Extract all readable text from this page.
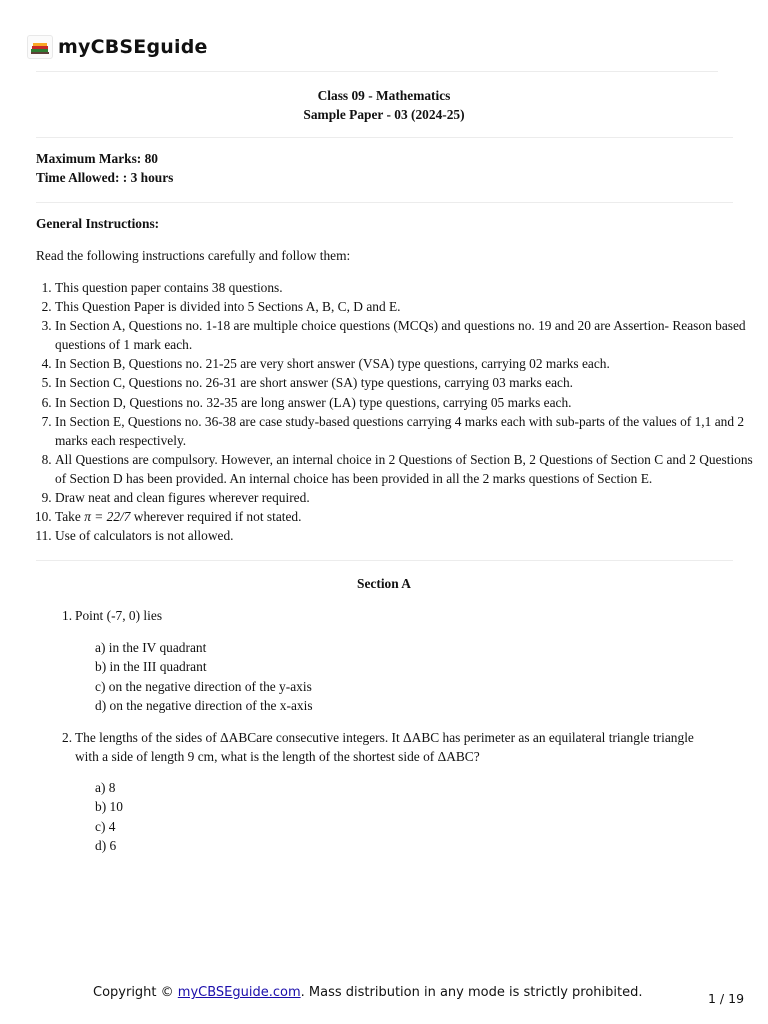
myCBSEguide
Class 09 - Mathematics
Sample Paper - 03 (2024-25)
Maximum Marks: 80
Time Allowed: : 3 hours
General Instructions:
Read the following instructions carefully and follow them:
1. This question paper contains 38 questions.
2. This Question Paper is divided into 5 Sections A, B, C, D and E.
3. In Section A, Questions no. 1-18 are multiple choice questions (MCQs) and questions no. 19 and 20 are Assertion- Reason based questions of 1 mark each.
4. In Section B, Questions no. 21-25 are very short answer (VSA) type questions, carrying 02 marks each.
5. In Section C, Questions no. 26-31 are short answer (SA) type questions, carrying 03 marks each.
6. In Section D, Questions no. 32-35 are long answer (LA) type questions, carrying 05 marks each.
7. In Section E, Questions no. 36-38 are case study-based questions carrying 4 marks each with sub-parts of the values of 1,1 and 2 marks each respectively.
8. All Questions are compulsory. However, an internal choice in 2 Questions of Section B, 2 Questions of Section C and 2 Questions of Section D has been provided. An internal choice has been provided in all the 2 marks questions of Section E.
9. Draw neat and clean figures wherever required.
10. Take π = 22/7 wherever required if not stated.
11. Use of calculators is not allowed.
Section A
1. Point (-7, 0) lies
a) in the IV quadrant
b) in the III quadrant
c) on the negative direction of the y-axis
d) on the negative direction of the x-axis
2. The lengths of the sides of ΔABCare consecutive integers. It ΔABC has perimeter as an equilateral triangle triangle with a side of length 9 cm, what is the length of the shortest side of ΔABC?
a) 8
b) 10
c) 4
d) 6
Copyright © myCBSEguide.com. Mass distribution in any mode is strictly prohibited.	1 / 19
